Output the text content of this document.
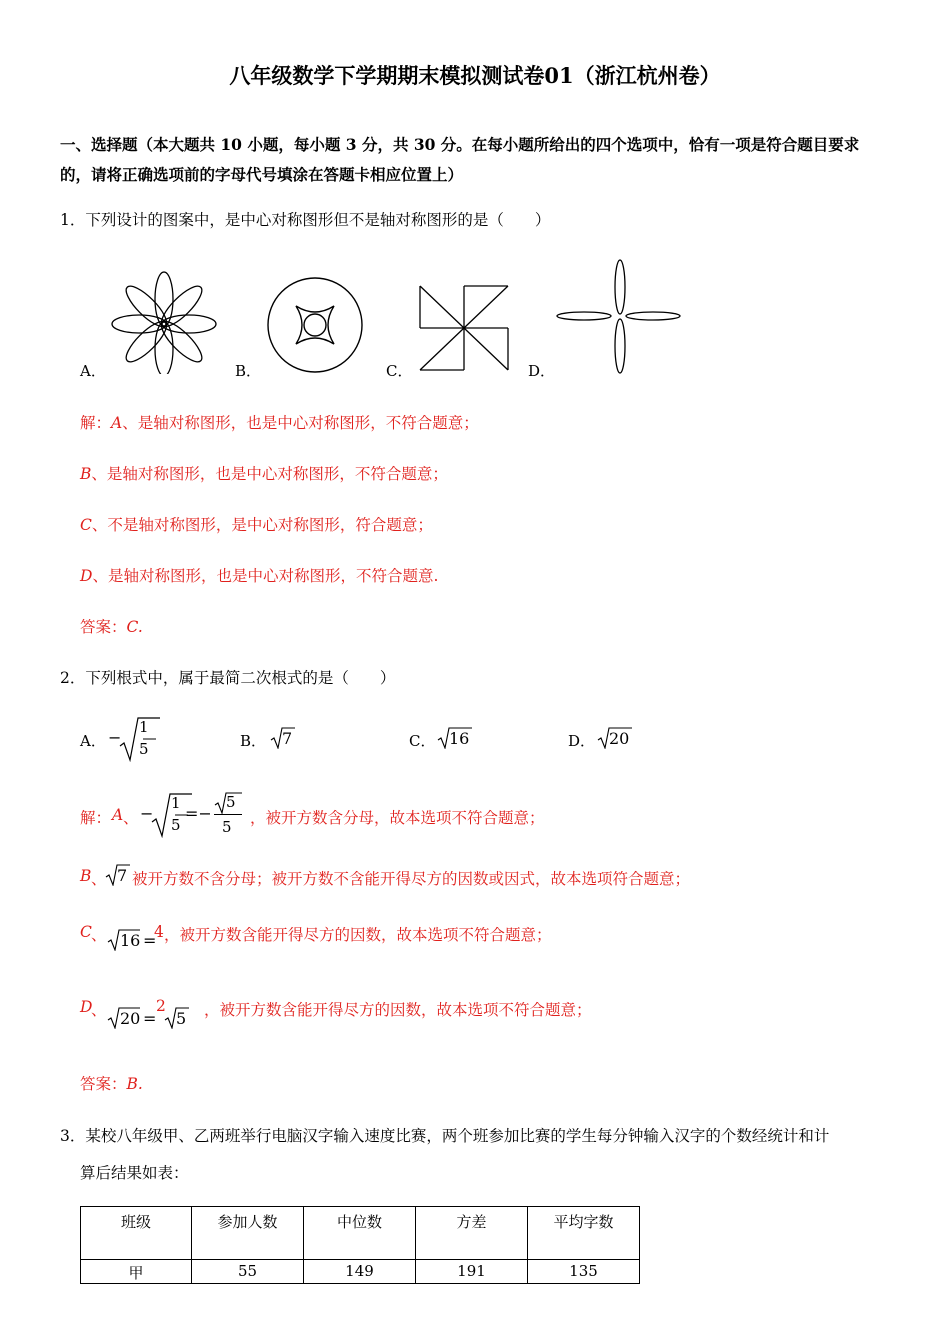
八年级数学下学期期末模拟测试卷01（浙江杭州卷）
一、选择题（本大题共 10 小题，每小题 3 分，共 30 分。在每小题所给出的四个选项中，恰有一项是符合题目要求
的，请将正确选项前的字母代号填涂在答题卡相应位置上）
1．下列设计的图案中，是中心对称图形但不是轴对称图形的是（　　）
A．	B．	C．	D．
解：A、是轴对称图形，也是中心对称图形，不符合题意；
B、是轴对称图形，也是中心对称图形，不符合题意；
C、不是轴对称图形，是中心对称图形，符合题意；
D、是轴对称图形，也是中心对称图形，不符合题意.
答案：C.
2．下列根式中，属于最简二次根式的是（　　）
A． −
1
5	B． 7	C． 16	D． 20
解： A 、 −
1
5
=−
5
5 ，被开方数含分母，故本选项不符合题意；
B 、 7 被开方数不含分母；被开方数不含能开得尽方的因数或因式，故本选项符合题意；
C 、 16 =
4 ，被开方数含能开得尽方的因数，故本选项不符合题意；
D
、 20 =
2
5 ，被开方数含能开得尽方的因数，故本选项不符合题意；
答案：B.
3．某校八年级甲、乙两班举行电脑汉字输入速度比赛，两个班参加比赛的学生每分钟输入汉字的个数经统计和计
算后结果如表：
班级	参加人数	中位数	方差	平均字数
甲	55	149	191	135
